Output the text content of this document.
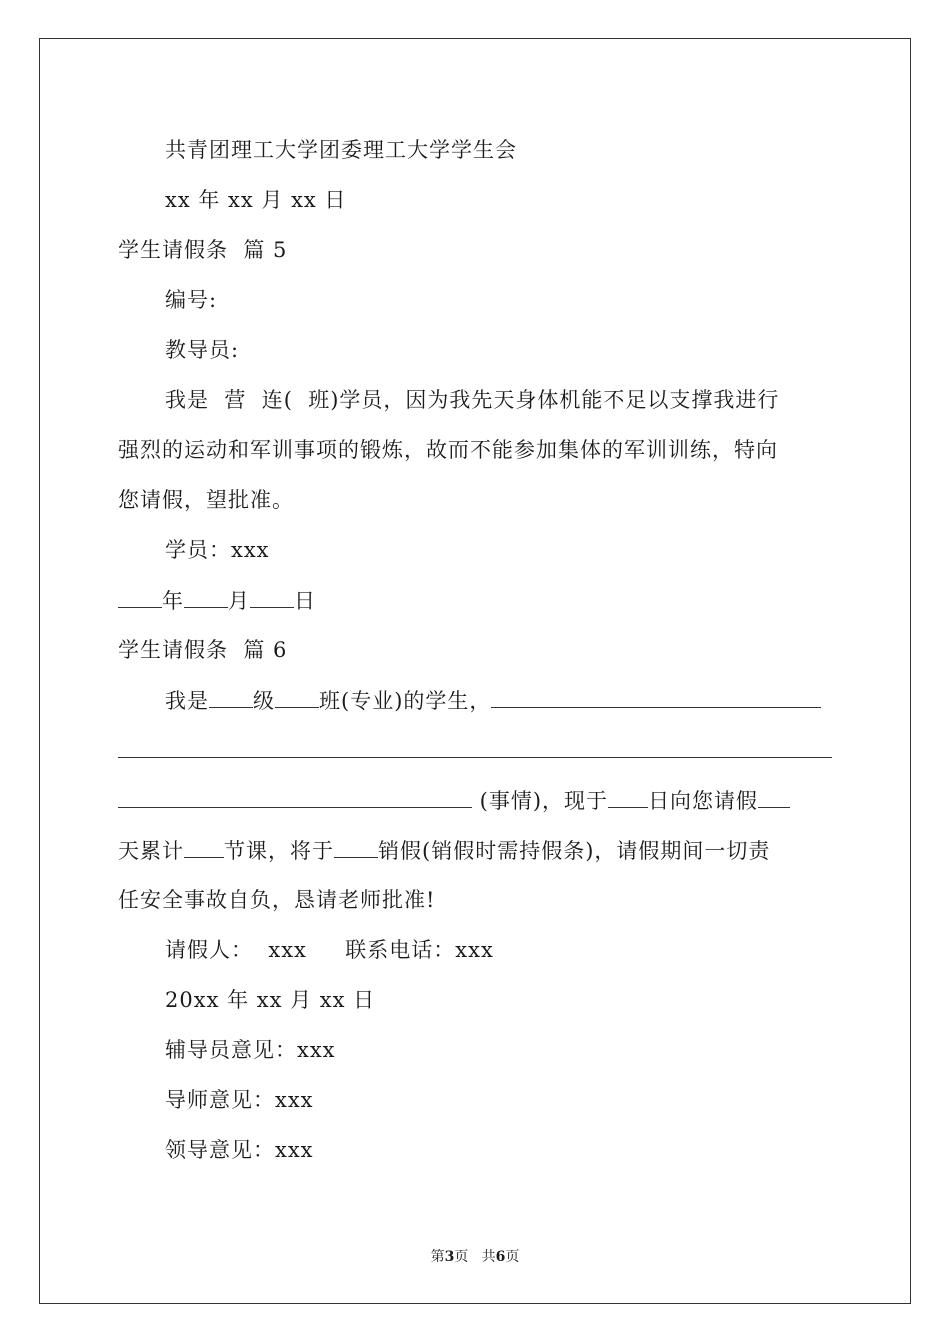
共青团理工大学团委理工大学学生会
xx 年 xx 月 xx 日
学生请假条  篇 5
编号:
教导员:
我是  营  连(  班)学员，因为我先天身体机能不足以支撑我进行
强烈的运动和军训事项的锻炼，故而不能参加集体的军训训练，特向
您请假，望批准。
学员：xxx
年 月 日
学生请假条  篇 6
我是 级 班(专业)的学生，
(事情)，现于 日向您请假
天累计 节课，将于 销假(销假时需持假条)，请假期间一切责
任安全事故自负，恳请老师批准!
请假人：  xxx     联系电话：xxx
20xx 年 xx 月 xx 日
辅导员意见：xxx
导师意见：xxx
领导意见：xxx
第3页   共6页
